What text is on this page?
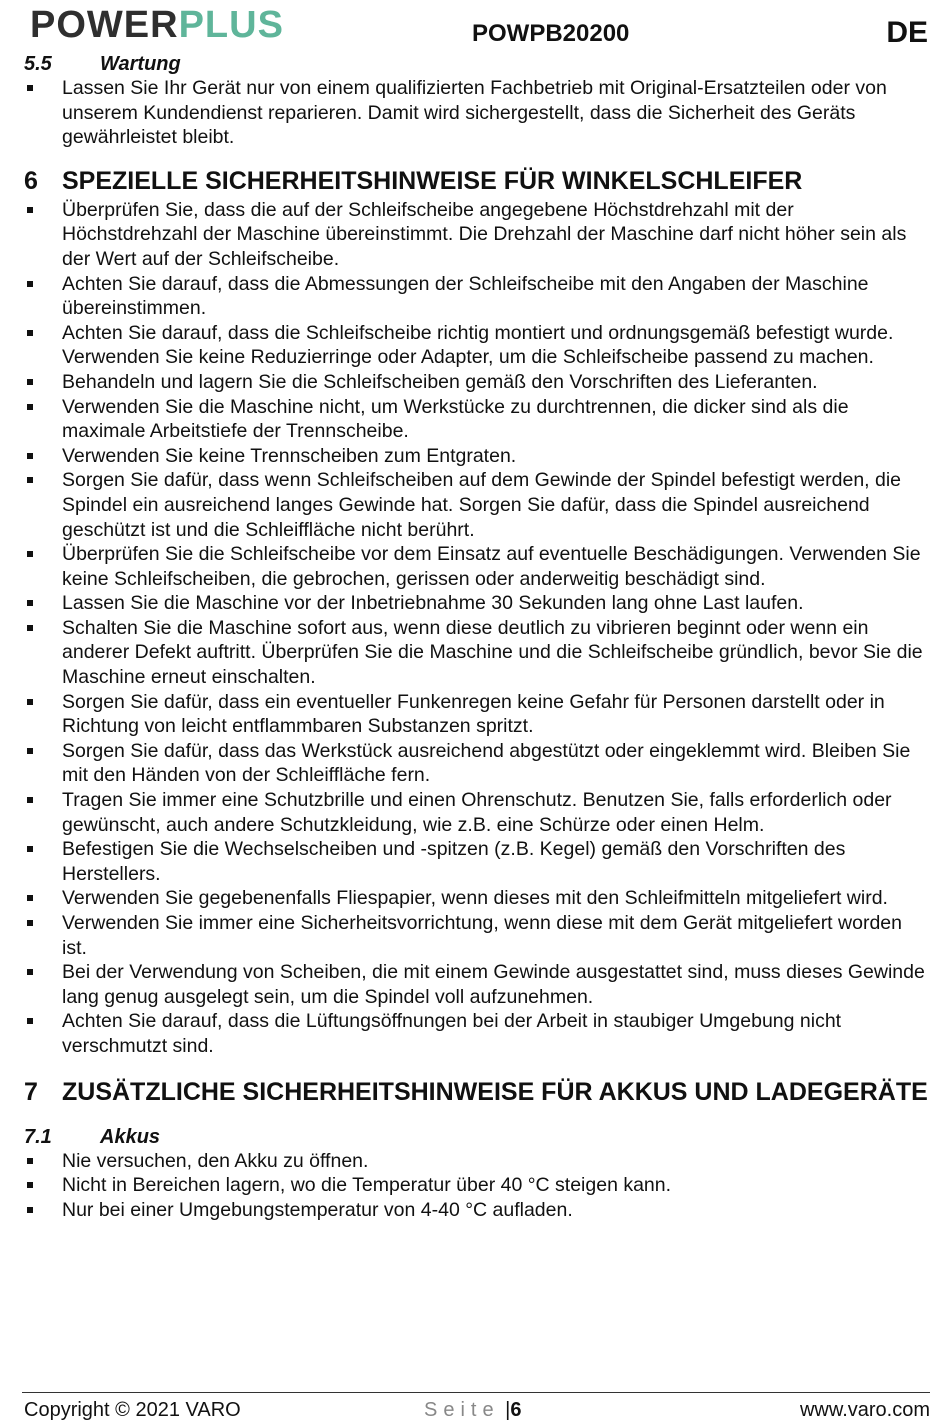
POWERPLUS	POWPB20200	DE
5.5	Wartung
Lassen Sie Ihr Gerät nur von einem qualifizierten Fachbetrieb mit Original-Ersatzteilen oder von unserem Kundendienst reparieren. Damit wird sichergestellt, dass die Sicherheit des Geräts gewährleistet bleibt.
6 SPEZIELLE SICHERHEITSHINWEISE FÜR WINKELSCHLEIFER
Überprüfen Sie, dass die auf der Schleifscheibe angegebene Höchstdrehzahl mit der Höchstdrehzahl der Maschine übereinstimmt. Die Drehzahl der Maschine darf nicht höher sein als der Wert auf der Schleifscheibe.
Achten Sie darauf, dass die Abmessungen der Schleifscheibe mit den Angaben der Maschine übereinstimmen.
Achten Sie darauf, dass die Schleifscheibe richtig montiert und ordnungsgemäß befestigt wurde. Verwenden Sie keine Reduzierringe oder Adapter, um die Schleifscheibe passend zu machen.
Behandeln und lagern Sie die Schleifscheiben gemäß den Vorschriften des Lieferanten.
Verwenden Sie die Maschine nicht, um Werkstücke zu durchtrennen, die dicker sind als die maximale Arbeitstiefe der Trennscheibe.
Verwenden Sie keine Trennscheiben zum Entgraten.
Sorgen Sie dafür, dass wenn Schleifscheiben auf dem Gewinde der Spindel befestigt werden, die Spindel ein ausreichend langes Gewinde hat. Sorgen Sie dafür, dass die Spindel ausreichend geschützt ist und die Schleiffläche nicht berührt.
Überprüfen Sie die Schleifscheibe vor dem Einsatz auf eventuelle Beschädigungen. Verwenden Sie keine Schleifscheiben, die gebrochen, gerissen oder anderweitig beschädigt sind.
Lassen Sie die Maschine vor der Inbetriebnahme 30 Sekunden lang ohne Last laufen.
Schalten Sie die Maschine sofort aus, wenn diese deutlich zu vibrieren beginnt oder wenn ein anderer Defekt auftritt. Überprüfen Sie die Maschine und die Schleifscheibe gründlich, bevor Sie die Maschine erneut einschalten.
Sorgen Sie dafür, dass ein eventueller Funkenregen keine Gefahr für Personen darstellt oder in Richtung von leicht entflammbaren Substanzen spritzt.
Sorgen Sie dafür, dass das Werkstück ausreichend abgestützt oder eingeklemmt wird. Bleiben Sie mit den Händen von der Schleiffläche fern.
Tragen Sie immer eine Schutzbrille und einen Ohrenschutz. Benutzen Sie, falls erforderlich oder gewünscht, auch andere Schutzkleidung, wie z.B. eine Schürze oder einen Helm.
Befestigen Sie die Wechselscheiben und -spitzen (z.B. Kegel) gemäß den Vorschriften des Herstellers.
Verwenden Sie gegebenenfalls Fliespapier, wenn dieses mit den Schleifmitteln mitgeliefert wird.
Verwenden Sie immer eine Sicherheitsvorrichtung, wenn diese mit dem Gerät mitgeliefert worden ist.
Bei der Verwendung von Scheiben, die mit einem Gewinde ausgestattet sind, muss dieses Gewinde lang genug ausgelegt sein, um die Spindel voll aufzunehmen.
Achten Sie darauf, dass die Lüftungsöffnungen bei der Arbeit in staubiger Umgebung nicht verschmutzt sind.
7 ZUSÄTZLICHE SICHERHEITSHINWEISE FÜR AKKUS UND LADEGERÄTE
7.1	Akkus
Nie versuchen, den Akku zu öffnen.
Nicht in Bereichen lagern, wo die Temperatur über 40 °C steigen kann.
Nur bei einer Umgebungstemperatur von 4-40 °C aufladen.
Copyright © 2021 VARO	Seite |6	www.varo.com
